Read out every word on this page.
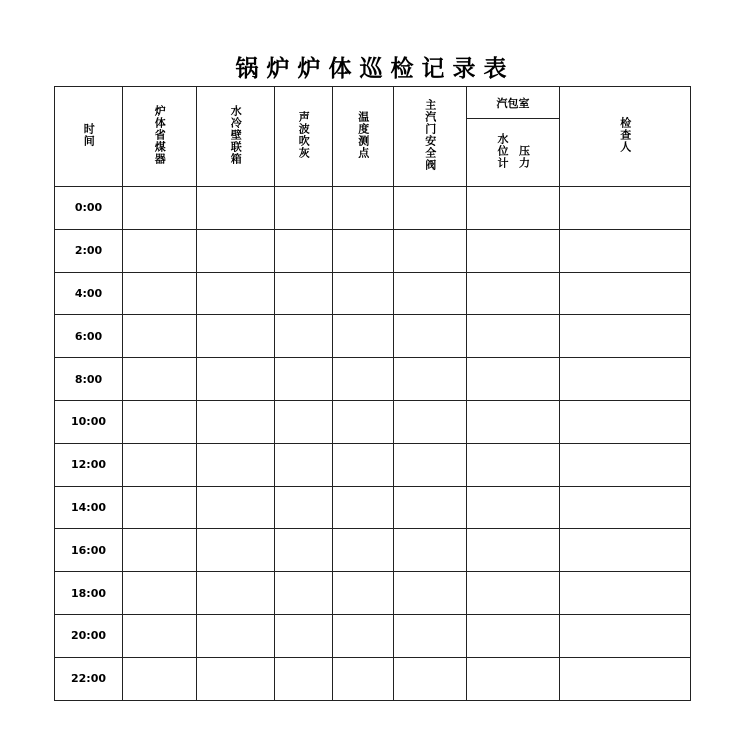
锅炉炉体巡检记录表
时间	炉体省煤器	水冷壁联箱	声波吹灰	温度测点	主汽门安全阀	汽包室	检查人
						水位计 压力	
0:00							
2:00							
4:00							
6:00							
8:00							
10:00							
12:00							
14:00							
16:00							
18:00							
20:00							
22:00							
